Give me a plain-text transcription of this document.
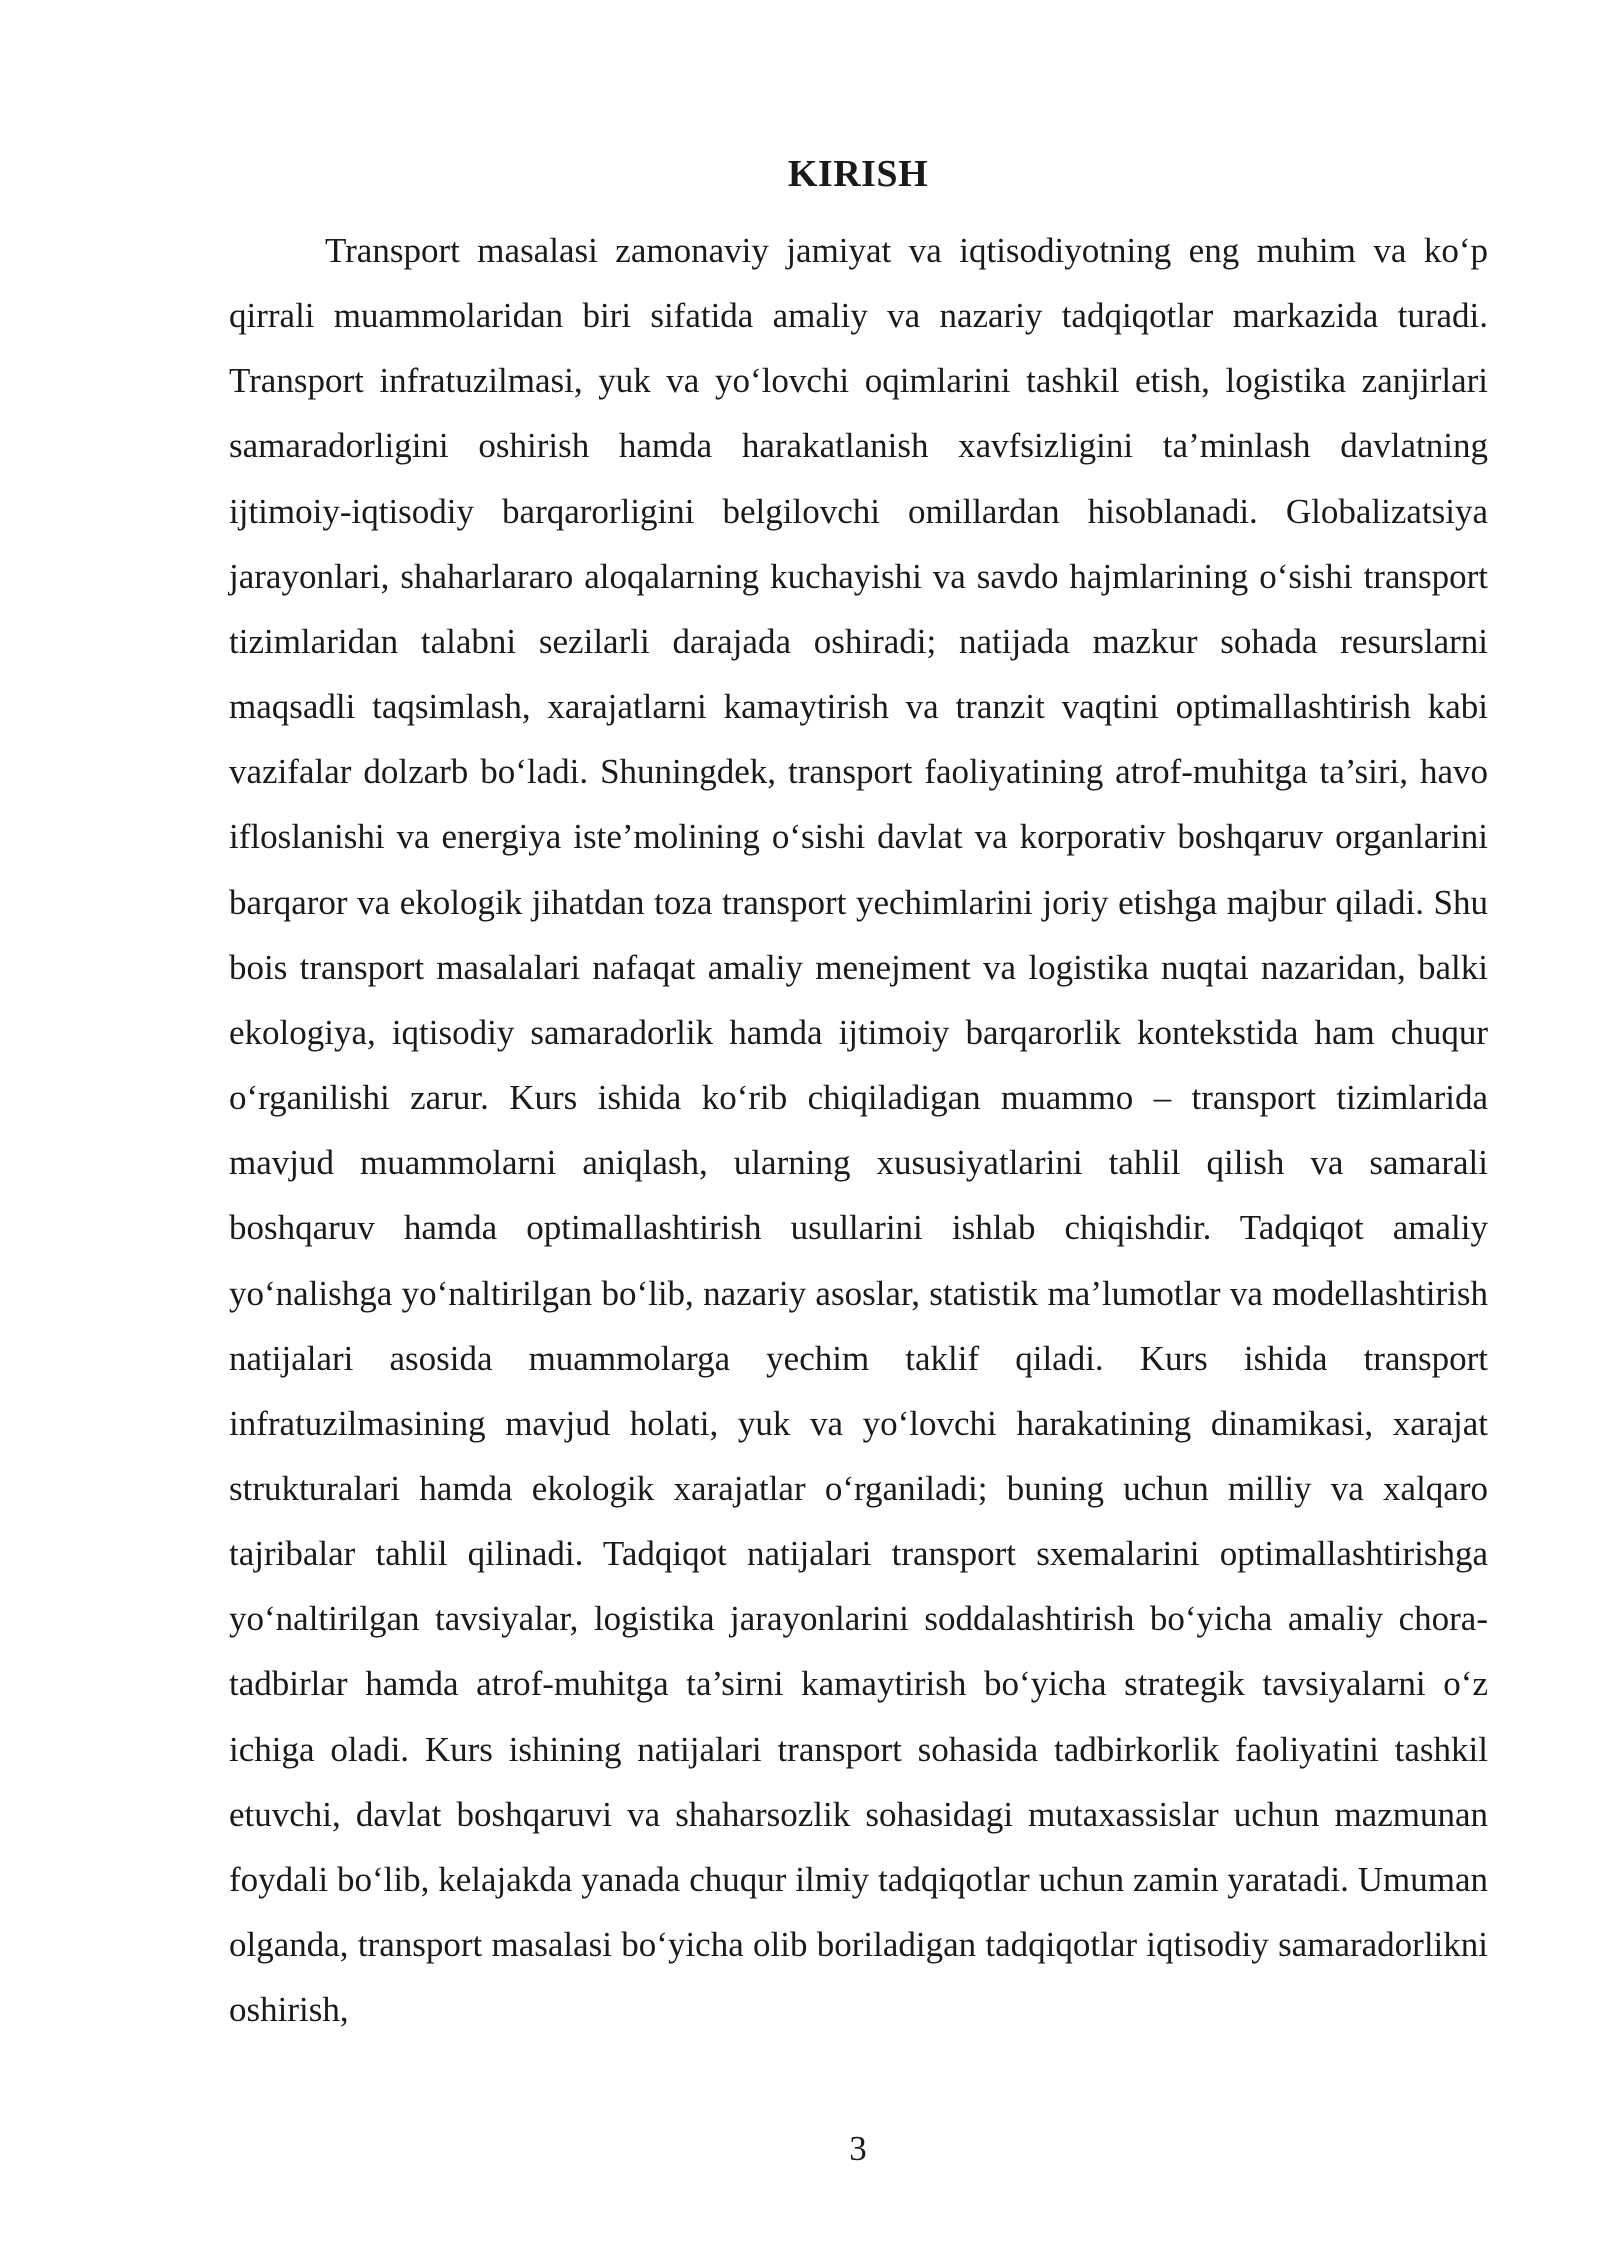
KIRISH

Transport masalasi zamonaviy jamiyat va iqtisodiyotning eng muhim va ko‘p qirrali muammolaridan biri sifatida amaliy va nazariy tadqiqotlar markazida turadi. Transport infratuzilmasi, yuk va yo‘lovchi oqimlarini tashkil etish, logistika zanjirlari samaradorligini oshirish hamda harakatlanish xavfsizligini ta’minlash davlatning ijtimoiy-iqtisodiy barqarorligini belgilovchi omillardan hisoblanadi. Globalizatsiya jarayonlari, shaharlararo aloqalarning kuchayishi va savdo hajmlarining o‘sishi transport tizimlaridan talabni sezilarli darajada oshiradi; natijada mazkur sohada resurslarni maqsadli taqsimlash, xarajatlarni kamaytirish va tranzit vaqtini optimallashtirish kabi vazifalar dolzarb bo‘ladi. Shuningdek, transport faoliyatining atrof-muhitga ta’siri, havo ifloslanishi va energiya iste’molining o‘sishi davlat va korporativ boshqaruv organlarini barqaror va ekologik jihatdan toza transport yechimlarini joriy etishga majbur qiladi. Shu bois transport masalalari nafaqat amaliy menejment va logistika nuqtai nazaridan, balki ekologiya, iqtisodiy samaradorlik hamda ijtimoiy barqarorlik kontekstida ham chuqur o‘rganilishi zarur. Kurs ishida ko‘rib chiqiladigan muammo – transport tizimlarida mavjud muammolarni aniqlash, ularning xususiyatlarini tahlil qilish va samarali boshqaruv hamda optimallashtirish usullarini ishlab chiqishdir. Tadqiqot amaliy yo‘nalishga yo‘naltirilgan bo‘lib, nazariy asoslar, statistik ma’lumotlar va modellashtirish natijalari asosida muammolarga yechim taklif qiladi. Kurs ishida transport infratuzilmasining mavjud holati, yuk va yo‘lovchi harakatining dinamikasi, xarajat strukturalari hamda ekologik xarajatlar o‘rganiladi; buning uchun milliy va xalqaro tajribalar tahlil qilinadi. Tadqiqot natijalari transport sxemalarini optimallashtirishga yo‘naltirilgan tavsiyalar, logistika jarayonlarini soddalashtirish bo‘yicha amaliy chora-tadbirlar hamda atrof-muhitga ta’sirni kamaytirish bo‘yicha strategik tavsiyalarni o‘z ichiga oladi. Kurs ishining natijalari transport sohasida tadbirkorlik faoliyatini tashkil etuvchi, davlat boshqaruvi va shaharsozlik sohasidagi mutaxassislar uchun mazmunan foydali bo‘lib, kelajakda yanada chuqur ilmiy tadqiqotlar uchun zamin yaratadi. Umuman olganda, transport masalasi bo‘yicha olib boriladigan tadqiqotlar iqtisodiy samaradorlikni oshirish,

3
